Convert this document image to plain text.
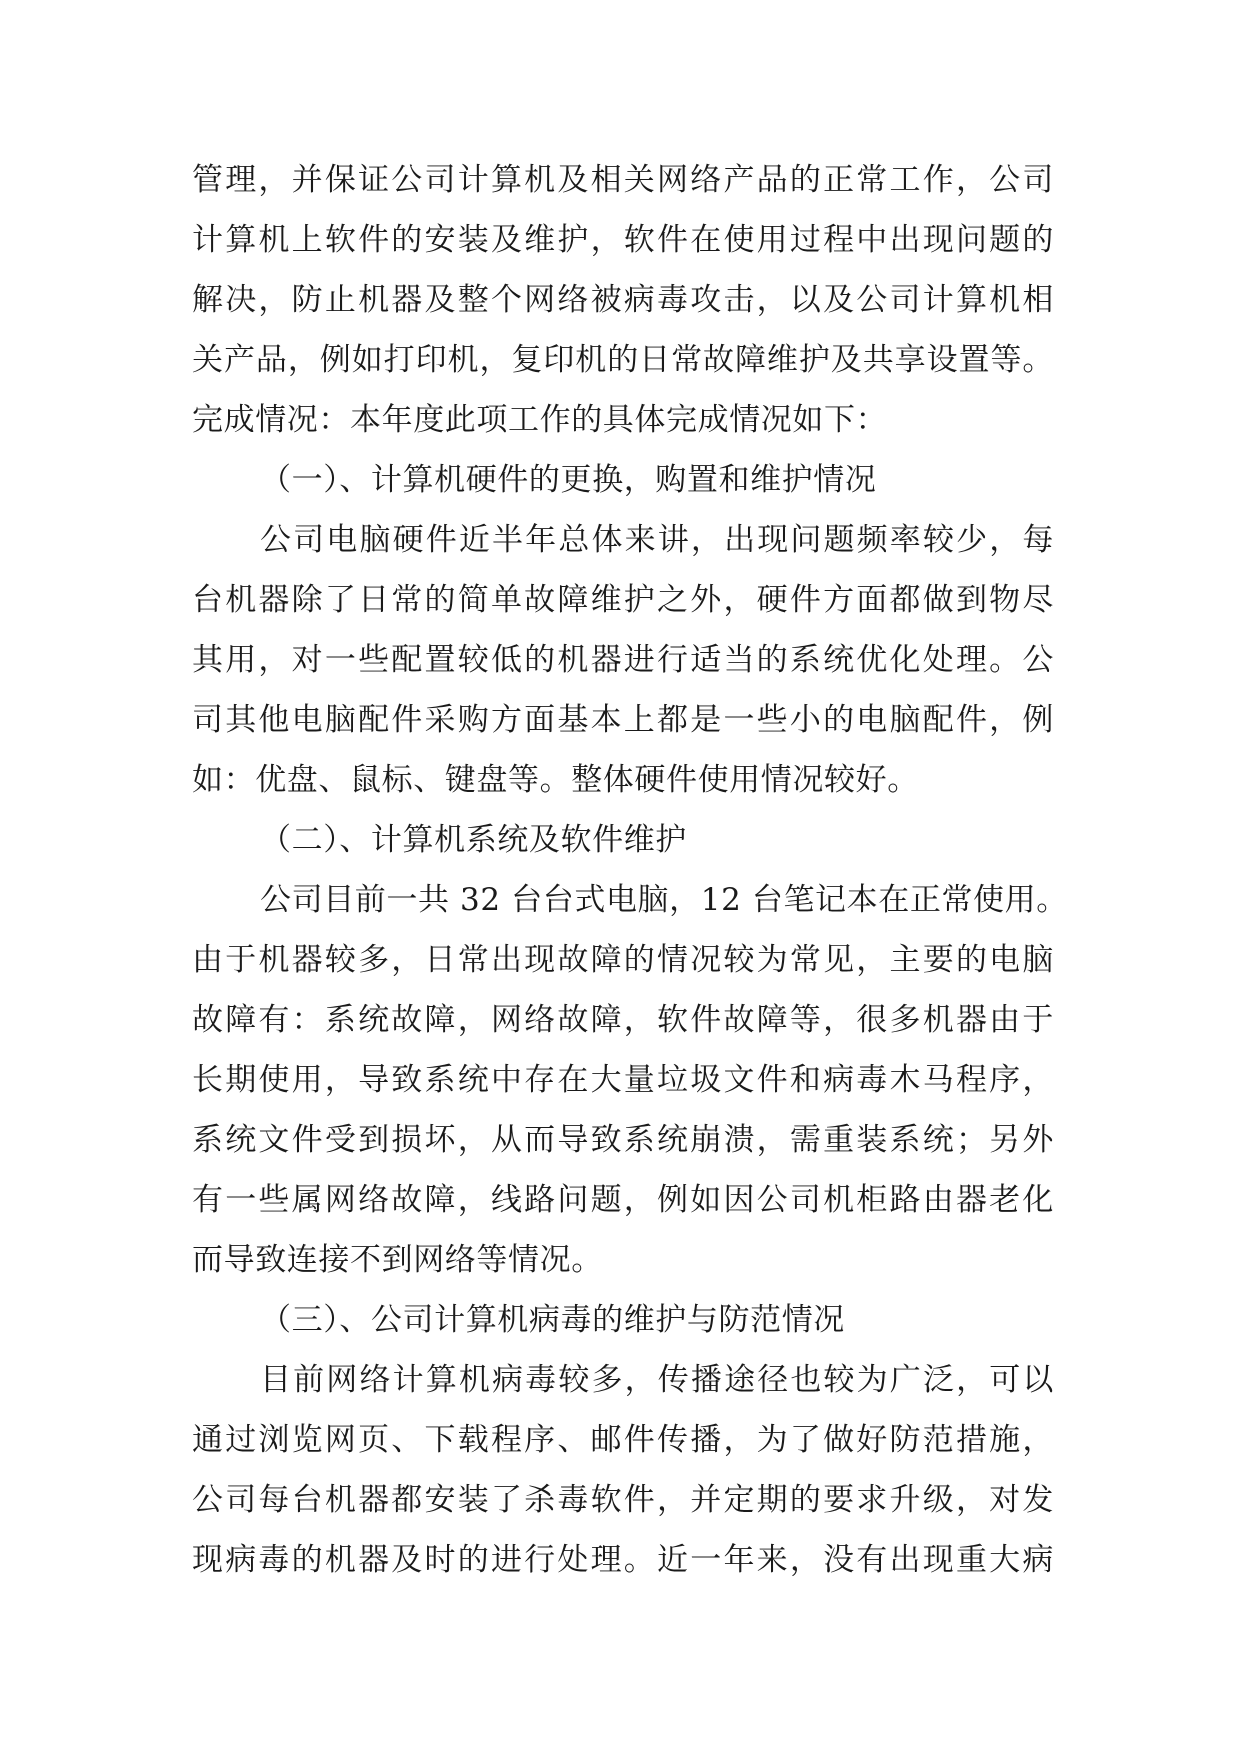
管理，并保证公司计算机及相关网络产品的正常工作，公司
计算机上软件的安装及维护，软件在使用过程中出现问题的
解决，防止机器及整个网络被病毒攻击，以及公司计算机相
关产品，例如打印机，复印机的日常故障维护及共享设置等。
完成情况：本年度此项工作的具体完成情况如下：
（一）、计算机硬件的更换，购置和维护情况
公司电脑硬件近半年总体来讲，出现问题频率较少，每
台机器除了日常的简单故障维护之外，硬件方面都做到物尽
其用，对一些配置较低的机器进行适当的系统优化处理。公
司其他电脑配件采购方面基本上都是一些小的电脑配件，例
如：优盘、鼠标、键盘等。整体硬件使用情况较好。
（二）、计算机系统及软件维护
公司目前一共 32 台台式电脑，12 台笔记本在正常使用。
由于机器较多，日常出现故障的情况较为常见，主要的电脑
故障有：系统故障，网络故障，软件故障等，很多机器由于
长期使用，导致系统中存在大量垃圾文件和病毒木马程序，
系统文件受到损坏，从而导致系统崩溃，需重装系统；另外
有一些属网络故障，线路问题，例如因公司机柜路由器老化
而导致连接不到网络等情况。
（三）、公司计算机病毒的维护与防范情况
目前网络计算机病毒较多，传播途径也较为广泛，可以
通过浏览网页、下载程序、邮件传播，为了做好防范措施，
公司每台机器都安装了杀毒软件，并定期的要求升级，对发
现病毒的机器及时的进行处理。近一年来，没有出现重大病
